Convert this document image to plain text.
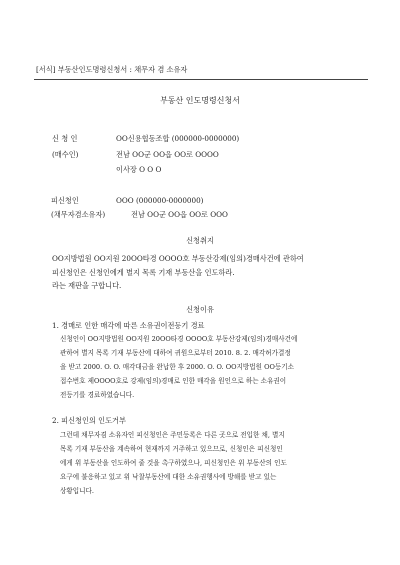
[서식] 부동산인도명령신청서 : 채무자 겸 소유자
부동산 인도명령신청서
신 청 인
(매수인)
OO신용협동조합 (000000-0000000)
전남 OO군 OO읍 OO로 OOOO
이사장 O O O
피신청인
(채무자겸소유자)
OOO (000000-0000000)
전남 OO군 OO읍 OO로 OOO
신청취지
OO지방법원 OO지원 20OO타경 OOOO호 부동산강제(임의)경매사건에 관하여
피신청인은 신청인에게 별지 목록 기재 부동산을 인도하라.
라는 재판을 구합니다.
신청이유
1. 경매로 인한 매각에 따른 소유권이전등기 경료
신청인이 OO지방법원 OO지원 20OO타경 OOOO호 부동산강제(임의)경매사건에
관하여 별지 목록 기재 부동산에 대하여 귀원으로부터 2010. 8. 2. 매각허가결정
을 받고 2000. O. O. 매각대금을 완납한 후 2000. O. O. OO지방법원 OO등기소
접수번호 제OOOO호로 강제(임의)경매로 인한 매각을 원인으로 하는 소유권이
전등기를 경료하였습니다.
2. 피신청인의 인도거부
그런데 채무자겸 소유자인 피신청인은 주민등록은 다른 곳으로 전입한 채, 별지
목록 기재 부동산을 계속하여 현재까지 거주하고 있으므로, 신청인은 피신청인
에게 위 부동산을 인도하여 줄 것을 촉구하였으나, 피신청인은 위 부동산의 인도
요구에 불응하고 있고 위 낙찰부동산에 대한 소유권행사에 방해를 받고 있는
상황입니다.
